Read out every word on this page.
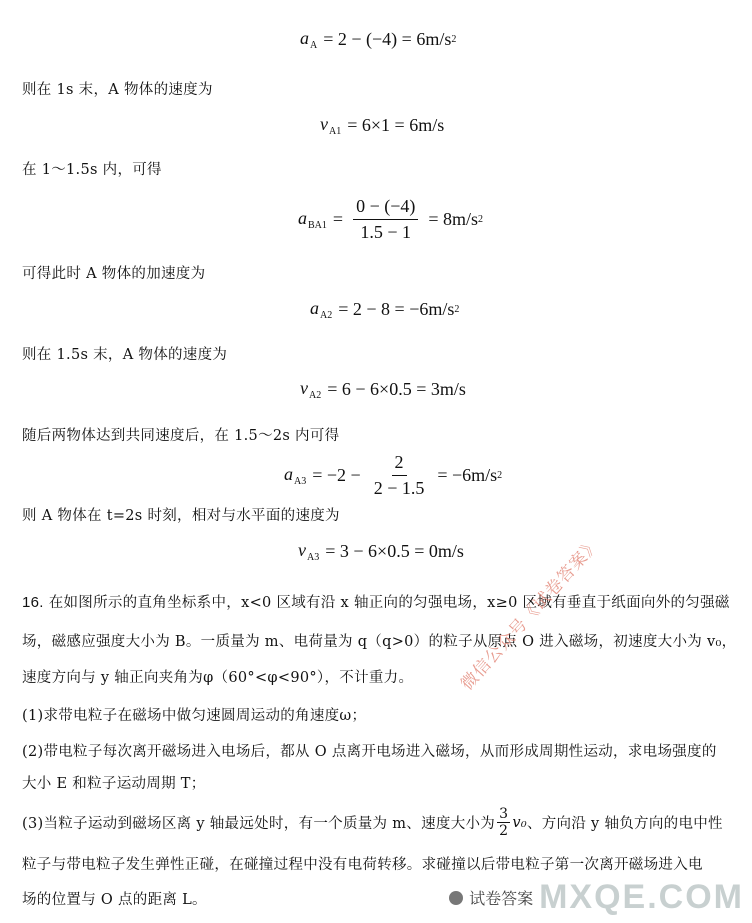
$a_A = 2 - (-4) = 6m/s$ 2
则在 1s 末，A 物体的速度为
$v_{A1} = 6\times 1 = 6m/s$
在 1～1.5s 内，可得
$a_{BA1} = \frac{0 - (-4)}{1.5 - 1} = 8m/s$ 2
可得此时 A 物体的加速度为
$a_{A2} = 2 - 8 = -6m/s$ 2
则在 1.5s 末，A 物体的速度为
$v_{A2} = 6 - 6\times 0.5 = 3m/s$
随后两物体达到共同速度后，在 1.5～2s 内可得
$a_{A3} = -2 - \frac{2}{2 - 1.5} = -6m/s$ 2
则 A 物体在 t=2s 时刻，相对与水平面的速度为
$v_{A3} = 3 - 6\times 0.5 = 0m/s$
16. 在如图所示的直角坐标系中，x<0 区域有沿 x 轴正向的匀强电场，x≥0 区域有垂直于纸面向外的匀强磁
场，磁感应强度大小为 B。一质量为 m、电荷量为 q（q>0）的粒子从原点 O 进入磁场，初速度大小为 v₀，
速度方向与 y 轴正向夹角为φ（60°<φ<90°），不计重力。
(1)求带电粒子在磁场中做匀速圆周运动的角速度ω；
(2)带电粒子每次离开磁场进入电场后，都从 O 点离开电场进入磁场，从而形成周期性运动，求电场强度的
大小 E 和粒子运动周期 T；
(3)当粒子运动到磁场区离 y 轴最远处时，有一个质量为 m、速度大小为
3
2
v₀ 、方向沿 y 轴负方向的电中性
粒子与带电粒子发生弹性正碰，在碰撞过程中没有电荷转移。求碰撞以后带电粒子第一次离开磁场进入电
场的位置与 O 点的距离 L。
微信公众号《试卷答案》
试卷答案 MXQE.COM
